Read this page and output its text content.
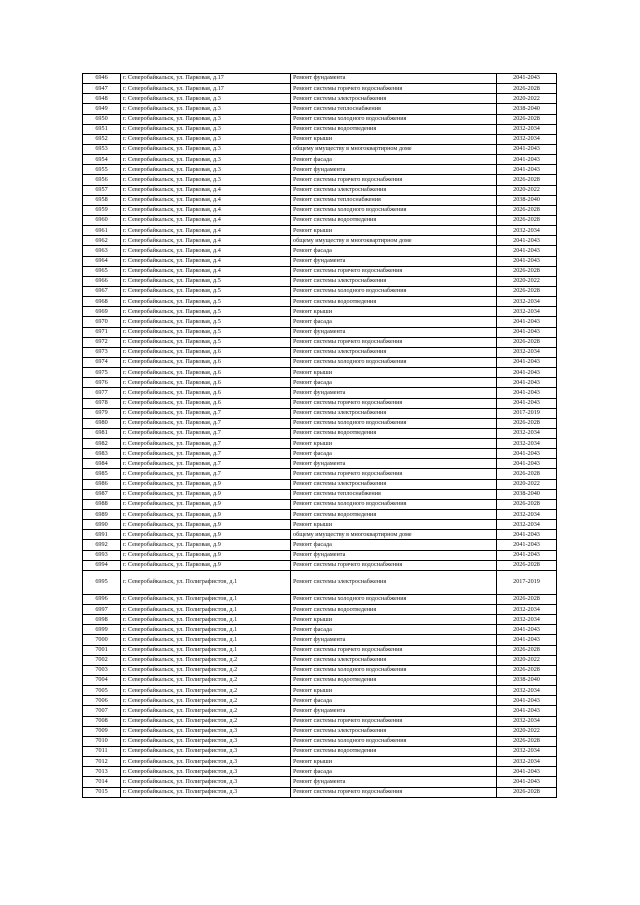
6946	г. Северобайкальск, ул. Парковая, д.17	Ремонт фундамента	2041-2043
6947	г. Северобайкальск, ул. Парковая, д.17	Ремонт системы горячего водоснабжения	2026-2028
6948	г. Северобайкальск, ул. Парковая, д.3	Ремонт системы электроснабжения	2020-2022
6949	г. Северобайкальск, ул. Парковая, д.3	Ремонт системы теплоснабжения	2038-2040
6950	г. Северобайкальск, ул. Парковая, д.3	Ремонт системы холодного водоснабжения	2026-2028
6951	г. Северобайкальск, ул. Парковая, д.3	Ремонт системы водоотведения	2032-2034
6952	г. Северобайкальск, ул. Парковая, д.3	Ремонт крыши	2032-2034
6953	г. Северобайкальск, ул. Парковая, д.3	общему имуществу в многоквартирном доме	2041-2043
6954	г. Северобайкальск, ул. Парковая, д.3	Ремонт фасада	2041-2043
6955	г. Северобайкальск, ул. Парковая, д.3	Ремонт фундамента	2041-2043
6956	г. Северобайкальск, ул. Парковая, д.3	Ремонт системы горячего водоснабжения	2026-2028
6957	г. Северобайкальск, ул. Парковая, д.4	Ремонт системы электроснабжения	2020-2022
6958	г. Северобайкальск, ул. Парковая, д.4	Ремонт системы теплоснабжения	2038-2040
6959	г. Северобайкальск, ул. Парковая, д.4	Ремонт системы холодного водоснабжения	2026-2028
6960	г. Северобайкальск, ул. Парковая, д.4	Ремонт системы водоотведения	2026-2028
6961	г. Северобайкальск, ул. Парковая, д.4	Ремонт крыши	2032-2034
6962	г. Северобайкальск, ул. Парковая, д.4	общему имуществу в многоквартирном доме	2041-2043
6963	г. Северобайкальск, ул. Парковая, д.4	Ремонт фасада	2041-2043
6964	г. Северобайкальск, ул. Парковая, д.4	Ремонт фундамента	2041-2043
6965	г. Северобайкальск, ул. Парковая, д.4	Ремонт системы горячего водоснабжения	2026-2028
6966	г. Северобайкальск, ул. Парковая, д.5	Ремонт системы электроснабжения	2020-2022
6967	г. Северобайкальск, ул. Парковая, д.5	Ремонт системы холодного водоснабжения	2026-2028
6968	г. Северобайкальск, ул. Парковая, д.5	Ремонт системы водоотведения	2032-2034
6969	г. Северобайкальск, ул. Парковая, д.5	Ремонт крыши	2032-2034
6970	г. Северобайкальск, ул. Парковая, д.5	Ремонт фасада	2041-2043
6971	г. Северобайкальск, ул. Парковая, д.5	Ремонт фундамента	2041-2043
6972	г. Северобайкальск, ул. Парковая, д.5	Ремонт системы горячего водоснабжения	2026-2028
6973	г. Северобайкальск, ул. Парковая, д.6	Ремонт системы электроснабжения	2032-2034
6974	г. Северобайкальск, ул. Парковая, д.6	Ремонт системы холодного водоснабжения	2041-2043
6975	г. Северобайкальск, ул. Парковая, д.6	Ремонт крыши	2041-2043
6976	г. Северобайкальск, ул. Парковая, д.6	Ремонт фасада	2041-2043
6977	г. Северобайкальск, ул. Парковая, д.6	Ремонт фундамента	2041-2043
6978	г. Северобайкальск, ул. Парковая, д.6	Ремонт системы горячего водоснабжения	2041-2043
6979	г. Северобайкальск, ул. Парковая, д.7	Ремонт системы электроснабжения	2017-2019
6980	г. Северобайкальск, ул. Парковая, д.7	Ремонт системы холодного водоснабжения	2026-2028
6981	г. Северобайкальск, ул. Парковая, д.7	Ремонт системы водоотведения	2032-2034
6982	г. Северобайкальск, ул. Парковая, д.7	Ремонт крыши	2032-2034
6983	г. Северобайкальск, ул. Парковая, д.7	Ремонт фасада	2041-2043
6984	г. Северобайкальск, ул. Парковая, д.7	Ремонт фундамента	2041-2043
6985	г. Северобайкальск, ул. Парковая, д.7	Ремонт системы горячего водоснабжения	2026-2028
6986	г. Северобайкальск, ул. Парковая, д.9	Ремонт системы электроснабжения	2020-2022
6987	г. Северобайкальск, ул. Парковая, д.9	Ремонт системы теплоснабжения	2038-2040
6988	г. Северобайкальск, ул. Парковая, д.9	Ремонт системы холодного водоснабжения	2026-2028
6989	г. Северобайкальск, ул. Парковая, д.9	Ремонт системы водоотведения	2032-2034
6990	г. Северобайкальск, ул. Парковая, д.9	Ремонт крыши	2032-2034
6991	г. Северобайкальск, ул. Парковая, д.9	общему имуществу в многоквартирном доме	2041-2043
6992	г. Северобайкальск, ул. Парковая, д.9	Ремонт фасада	2041-2043
6993	г. Северобайкальск, ул. Парковая, д.9	Ремонт фундамента	2041-2043
6994	г. Северобайкальск, ул. Парковая, д.9	Ремонт системы горячего водоснабжения	2026-2028
6995	г. Северобайкальск, ул. Полиграфистов, д.1	Ремонт системы электроснабжения	2017-2019
6996	г. Северобайкальск, ул. Полиграфистов, д.1	Ремонт системы холодного водоснабжения	2026-2028
6997	г. Северобайкальск, ул. Полиграфистов, д.1	Ремонт системы водоотведения	2032-2034
6998	г. Северобайкальск, ул. Полиграфистов, д.1	Ремонт крыши	2032-2034
6999	г. Северобайкальск, ул. Полиграфистов, д.1	Ремонт фасада	2041-2043
7000	г. Северобайкальск, ул. Полиграфистов, д.1	Ремонт фундамента	2041-2043
7001	г. Северобайкальск, ул. Полиграфистов, д.1	Ремонт системы горячего водоснабжения	2026-2028
7002	г. Северобайкальск, ул. Полиграфистов, д.2	Ремонт системы электроснабжения	2020-2022
7003	г. Северобайкальск, ул. Полиграфистов, д.2	Ремонт системы холодного водоснабжения	2026-2028
7004	г. Северобайкальск, ул. Полиграфистов, д.2	Ремонт системы водоотведения	2038-2040
7005	г. Северобайкальск, ул. Полиграфистов, д.2	Ремонт крыши	2032-2034
7006	г. Северобайкальск, ул. Полиграфистов, д.2	Ремонт фасада	2041-2043
7007	г. Северобайкальск, ул. Полиграфистов, д.2	Ремонт фундамента	2041-2043
7008	г. Северобайкальск, ул. Полиграфистов, д.2	Ремонт системы горячего водоснабжения	2032-2034
7009	г. Северобайкальск, ул. Полиграфистов, д.3	Ремонт системы электроснабжения	2020-2022
7010	г. Северобайкальск, ул. Полиграфистов, д.3	Ремонт системы холодного водоснабжения	2026-2028
7011	г. Северобайкальск, ул. Полиграфистов, д.3	Ремонт системы водоотведения	2032-2034
7012	г. Северобайкальск, ул. Полиграфистов, д.3	Ремонт крыши	2032-2034
7013	г. Северобайкальск, ул. Полиграфистов, д.3	Ремонт фасада	2041-2043
7014	г. Северобайкальск, ул. Полиграфистов, д.3	Ремонт фундамента	2041-2043
7015	г. Северобайкальск, ул. Полиграфистов, д.3	Ремонт системы горячего водоснабжения	2026-2028
